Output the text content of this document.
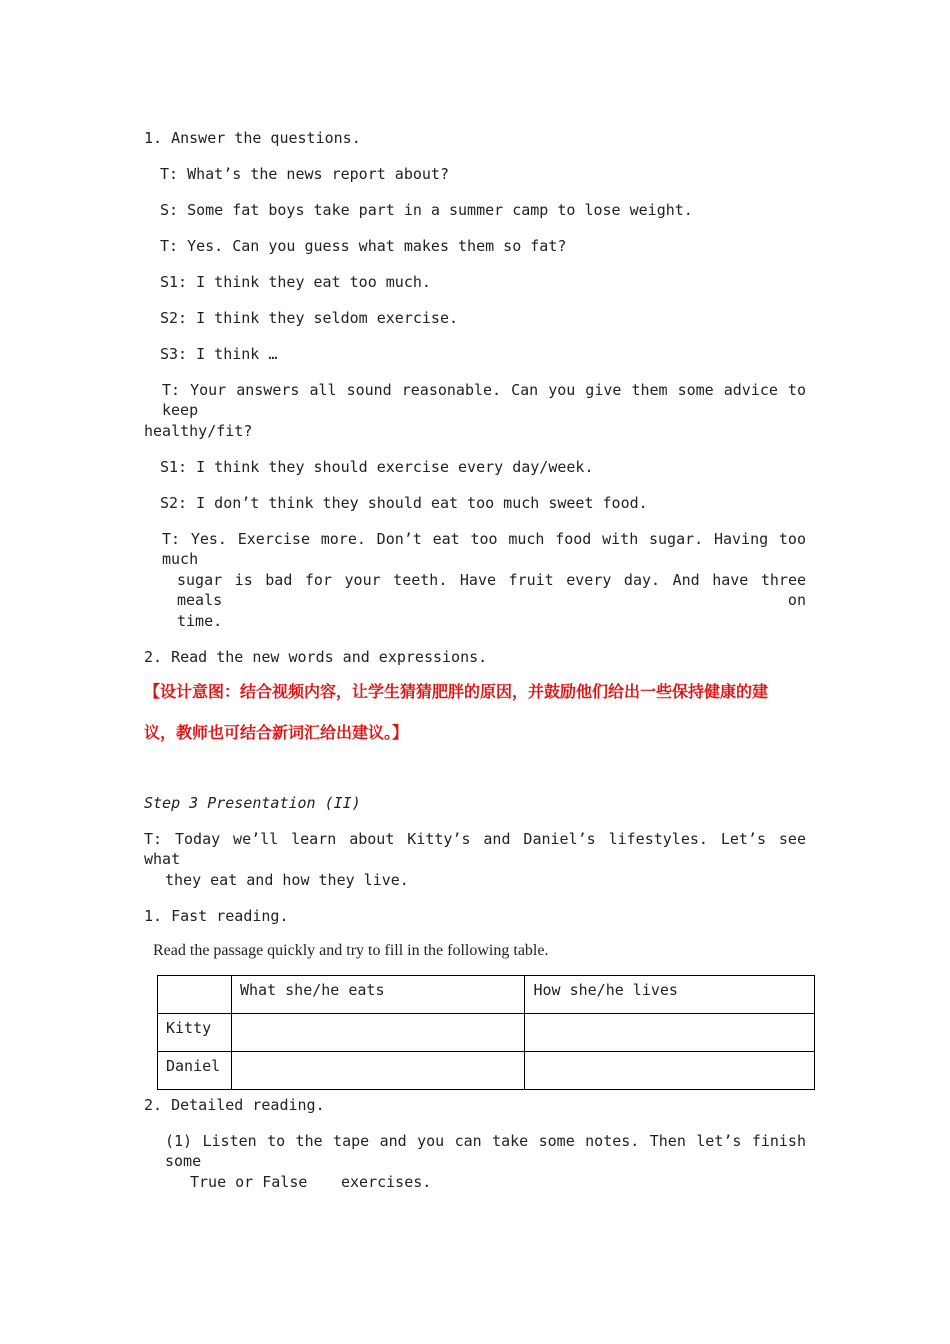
1. Answer the questions.
T: What’s the news report about?
S: Some fat boys take part in a summer camp to lose weight.
T: Yes. Can you guess what makes them so fat?
S1: I think they eat too much.
S2: I think they seldom exercise.
S3: I think …
T: Your answers all sound reasonable. Can you give them some advice to keep
healthy/fit?
S1: I think they should exercise every day/week.
S2: I don’t think they should eat too much sweet food.
T: Yes. Exercise more. Don’t eat too much food with sugar. Having too much
sugar is bad for your teeth. Have fruit every day. And have three meals on
time.
2. Read the new words and expressions.
【设计意图：结合视频内容，让学生猜猜肥胖的原因，并鼓励他们给出一些保持健康的建
议，教师也可结合新词汇给出建议。】
Step 3 Presentation (II)
T: Today we’ll learn about Kitty’s and Daniel’s lifestyles. Let’s see what
they eat and how they live.
1. Fast reading.
Read the passage quickly and try to fill in the following table.
	What she/he eats	How she/he lives
Kitty		
Daniel		
2. Detailed reading.
(1) Listen to the tape and you can take some notes. Then let’s finish some
True or False exercises.
